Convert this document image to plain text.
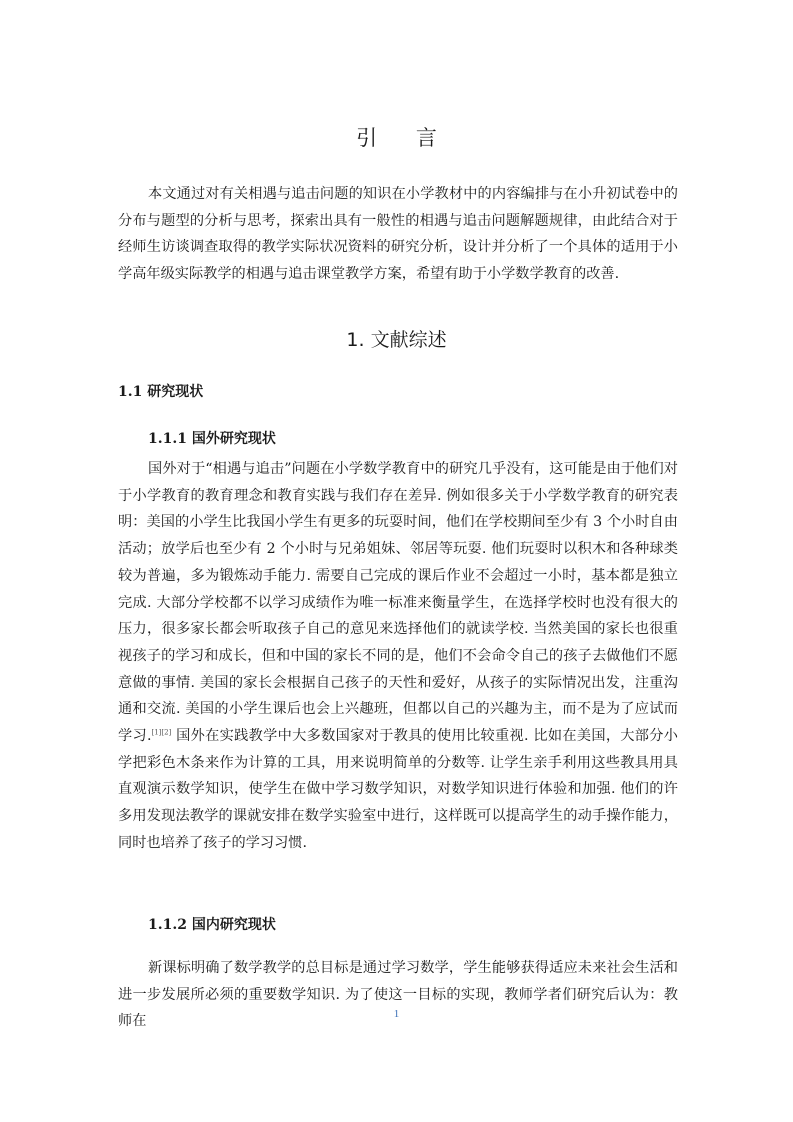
引 言

本文通过对有关相遇与追击问题的知识在小学教材中的内容编排与在小升初试卷中的分布与题型的分析与思考，探索出具有一般性的相遇与追击问题解题规律，由此结合对于经师生访谈调查取得的教学实际状况资料的研究分析，设计并分析了一个具体的适用于小学高年级实际教学的相遇与追击课堂教学方案，希望有助于小学数学教育的改善.

1. 文献综述
1.1 研究现状
1.1.1 国外研究现状

国外对于“相遇与追击”问题在小学数学教育中的研究几乎没有，这可能是由于他们对于小学教育的教育理念和教育实践与我们存在差异. 例如很多关于小学数学教育的研究表明：美国的小学生比我国小学生有更多的玩耍时间，他们在学校期间至少有 3 个小时自由活动；放学后也至少有 2 个小时与兄弟姐妹、邻居等玩耍. 他们玩耍时以积木和各种球类较为普遍，多为锻炼动手能力. 需要自己完成的课后作业不会超过一小时，基本都是独立完成. 大部分学校都不以学习成绩作为唯一标准来衡量学生，在选择学校时也没有很大的压力，很多家长都会听取孩子自己的意见来选择他们的就读学校. 当然美国的家长也很重视孩子的学习和成长，但和中国的家长不同的是，他们不会命令自己的孩子去做他们不愿意做的事情. 美国的家长会根据自己孩子的天性和爱好，从孩子的实际情况出发，注重沟通和交流. 美国的小学生课后也会上兴趣班，但都以自己的兴趣为主，而不是为了应试而学习.[1][2] 国外在实践教学中大多数国家对于教具的使用比较重视. 比如在美国，大部分小学把彩色木条来作为计算的工具，用来说明简单的分数等. 让学生亲手利用这些教具用具直观演示数学知识，使学生在做中学习数学知识，对数学知识进行体验和加强. 他们的许多用发现法教学的课就安排在数学实验室中进行，这样既可以提高学生的动手操作能力，同时也培养了孩子的学习习惯.

1.1.2 国内研究现状

新课标明确了数学教学的总目标是通过学习数学，学生能够获得适应未来社会生活和进一步发展所必须的重要数学知识. 为了使这一目标的实现，教师学者们研究后认为：教师在	1
